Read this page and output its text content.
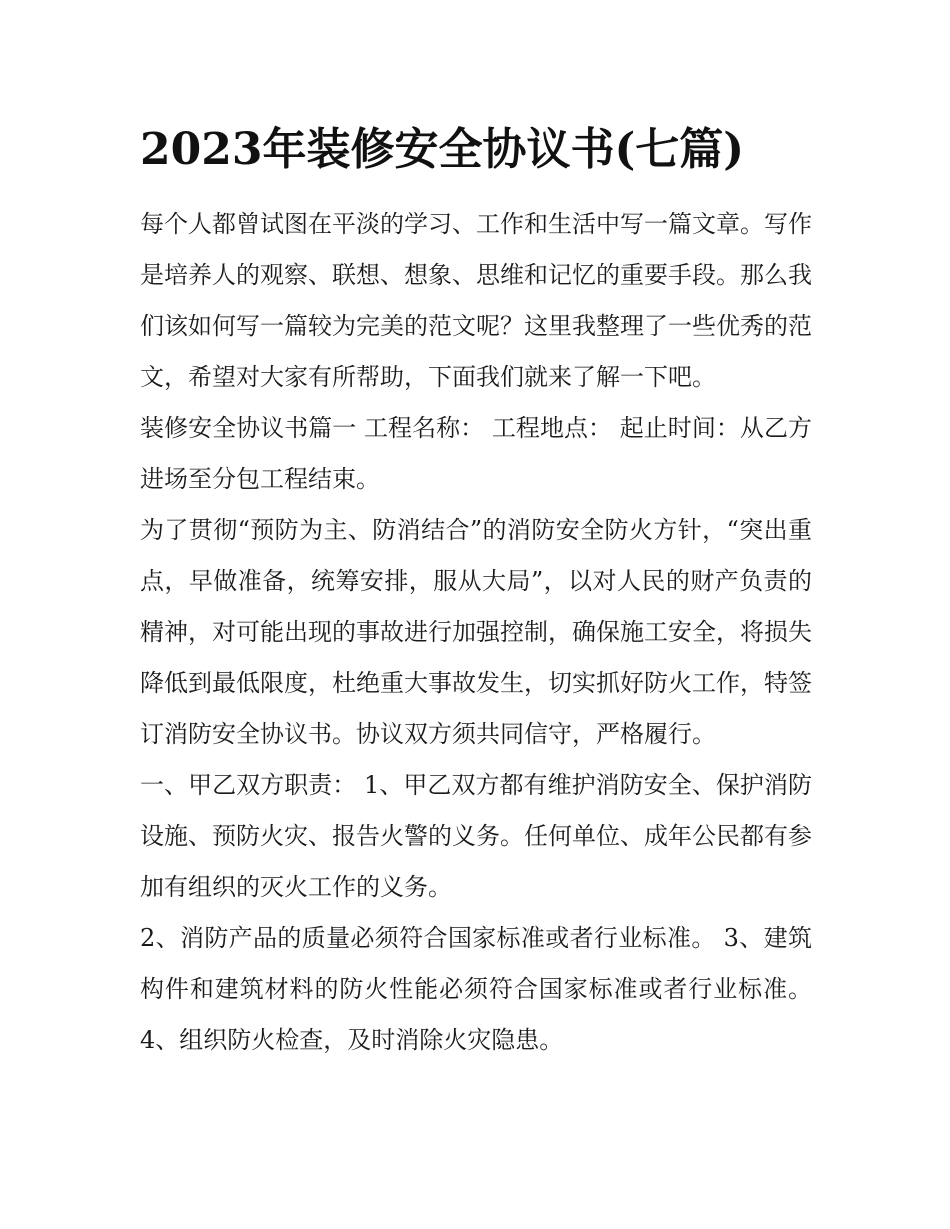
2023年装修安全协议书(七篇)

每个人都曾试图在平淡的学习、工作和生活中写一篇文章。写作是培养人的观察、联想、想象、思维和记忆的重要手段。那么我们该如何写一篇较为完美的范文呢？这里我整理了一些优秀的范文，希望对大家有所帮助，下面我们就来了解一下吧。

装修安全协议书篇一 工程名称： 工程地点： 起止时间：从乙方进场至分包工程结束。

为了贯彻“预防为主、防消结合”的消防安全防火方针，“突出重点，早做准备，统筹安排，服从大局”，以对人民的财产负责的精神，对可能出现的事故进行加强控制，确保施工安全，将损失降低到最低限度，杜绝重大事故发生，切实抓好防火工作，特签订消防安全协议书。协议双方须共同信守，严格履行。

一、甲乙双方职责： 1、甲乙双方都有维护消防安全、保护消防设施、预防火灾、报告火警的义务。任何单位、成年公民都有参加有组织的灭火工作的义务。

2、消防产品的质量必须符合国家标准或者行业标准。 3、建筑构件和建筑材料的防火性能必须符合国家标准或者行业标准。4、组织防火检查，及时消除火灾隐患。
